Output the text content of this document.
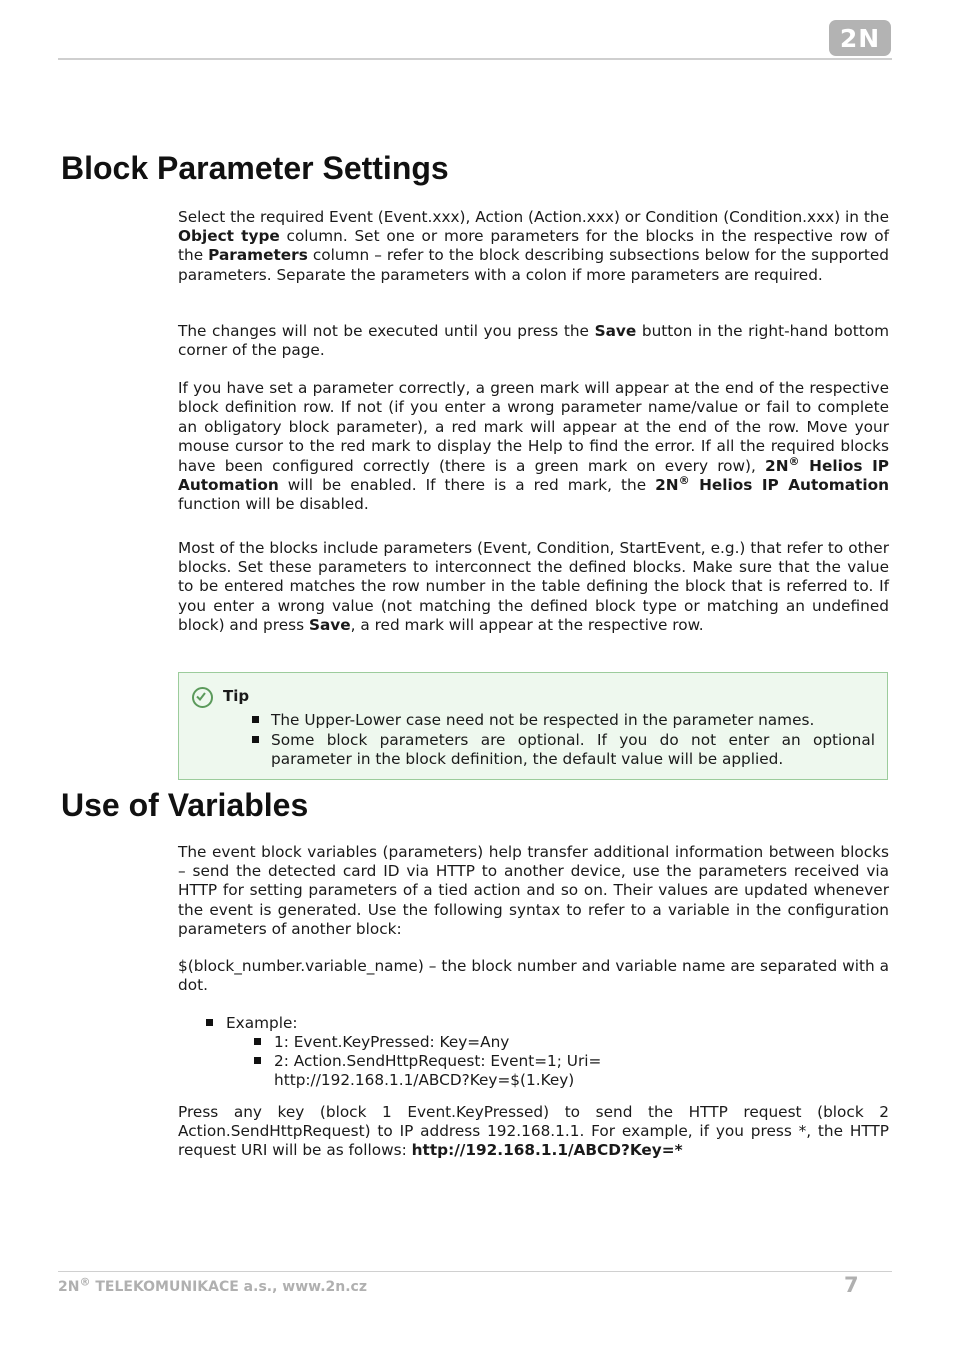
2N
Block Parameter Settings

Select the required Event (Event.xxx), Action (Action.xxx) or Condition (Condition.xxx) in the Object type column. Set one or more parameters for the blocks in the respective row of the Parameters column – refer to the block describing subsections below for the supported parameters. Separate the parameters with a colon if more parameters are required.

The changes will not be executed until you press the Save button in the right-hand bottom corner of the page.

If you have set a parameter correctly, a green mark will appear at the end of the respective block definition row. If not (if you enter a wrong parameter name/value or fail to complete an obligatory block parameter), a red mark will appear at the end of the row. Move your mouse cursor to the red mark to display the Help to find the error. If all the required blocks have been configured correctly (there is a green mark on every row), 2N® Helios IP Automation will be enabled. If there is a red mark, the 2N® Helios IP Automation function will be disabled.

Most of the blocks include parameters (Event, Condition, StartEvent, e.g.) that refer to other blocks. Set these parameters to interconnect the defined blocks. Make sure that the value to be entered matches the row number in the table defining the block that is referred to. If you enter a wrong value (not matching the defined block type or matching an undefined block) and press Save, a red mark will appear at the respective row.

Tip
The Upper-Lower case need not be respected in the parameter names.
Some block parameters are optional. If you do not enter an optional parameter in the block definition, the default value will be applied.
Use of Variables

The event block variables (parameters) help transfer additional information between blocks – send the detected card ID via HTTP to another device, use the parameters received via HTTP for setting parameters of a tied action and so on. Their values are updated whenever the event is generated. Use the following syntax to refer to a variable in the configuration parameters of another block:

$(block_number.variable_name) – the block number and variable name are separated with a dot.

Example:
1: Event.KeyPressed: Key=Any
2: Action.SendHttpRequest: Event=1; Uri=
http://192.168.1.1/ABCD?Key=$(1.Key)

Press any key (block 1 Event.KeyPressed) to send the HTTP request (block 2 Action.SendHttpRequest) to IP address 192.168.1.1. For example, if you press *, the HTTP request URI will be as follows: http://192.168.1.1/ABCD?Key=*

2N® TELEKOMUNIKACE a.s., www.2n.cz	7
